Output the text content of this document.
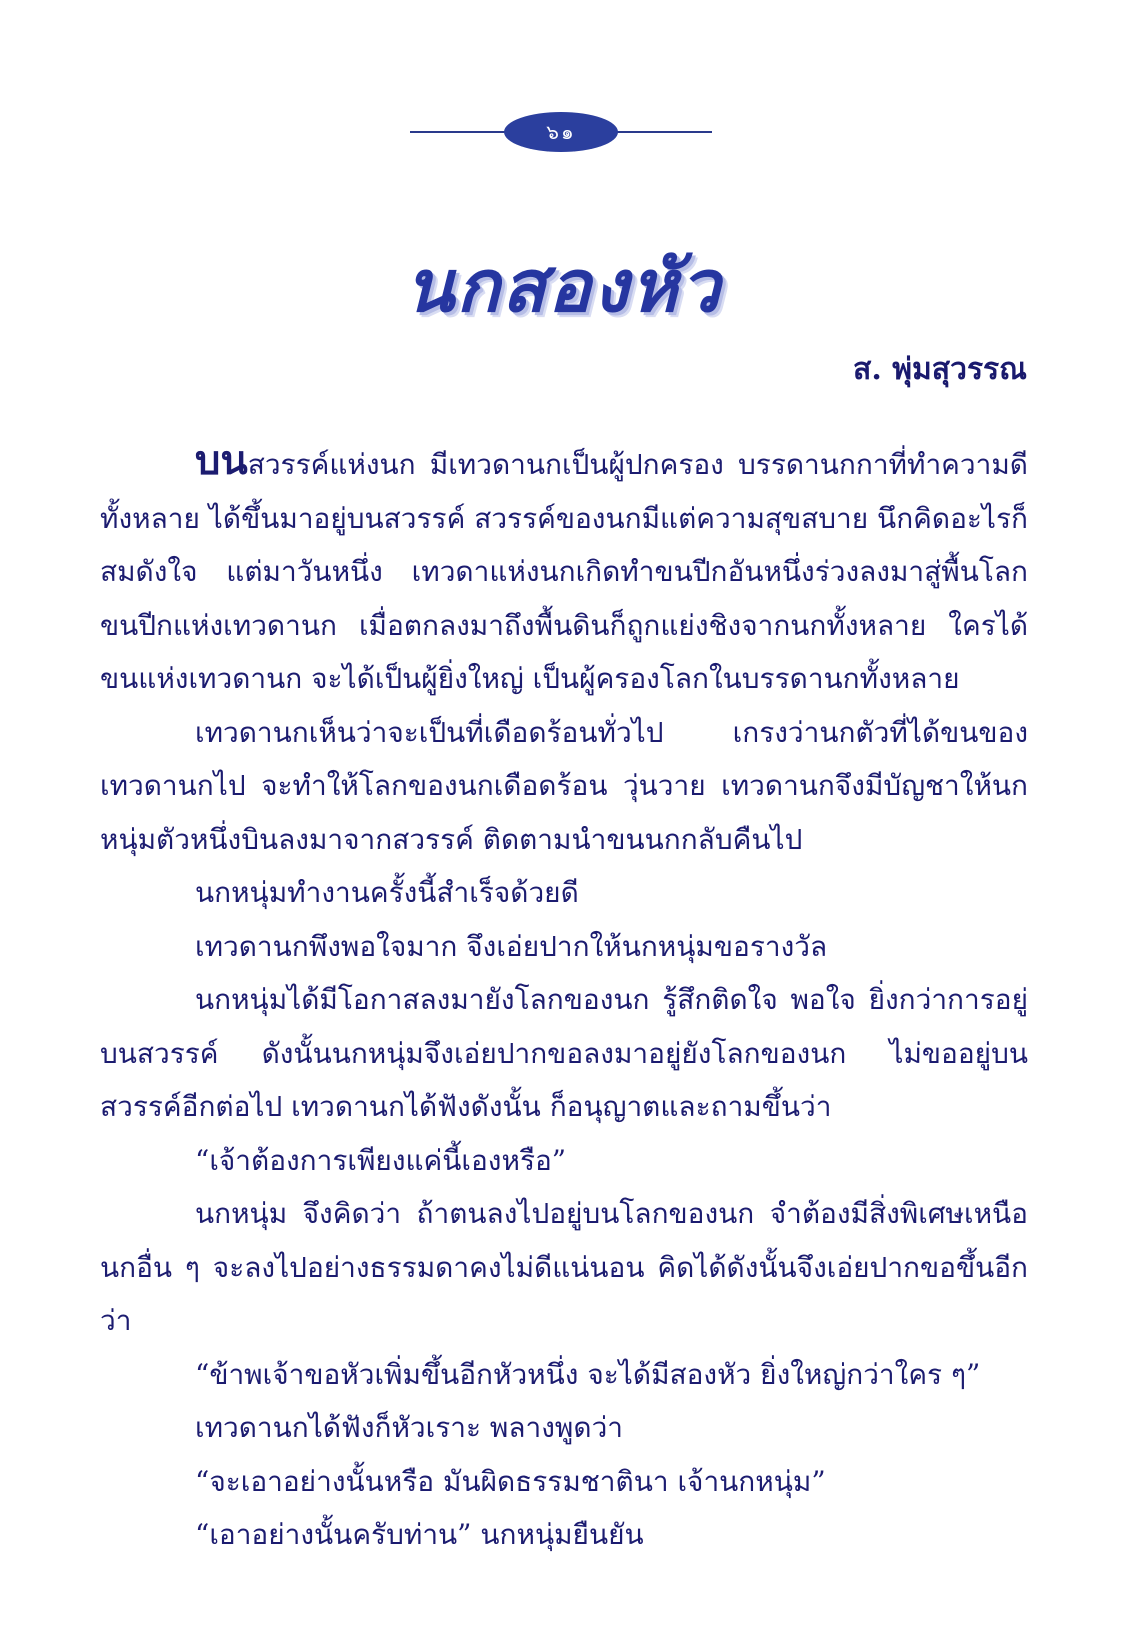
๖๑
นกสองหัว
ส. พุ่มสุวรรณ

บนสวรรค์แห่งนก มีเทวดานกเป็นผู้ปกครอง บรรดานกกาที่ทำความดีทั้งหลาย ได้ขึ้นมาอยู่บนสวรรค์ สวรรค์ของนกมีแต่ความสุขสบาย นึกคิดอะไรก็สมดังใจ แต่มาวันหนึ่ง เทวดาแห่งนกเกิดทำขนปีกอันหนึ่งร่วงลงมาสู่พื้นโลก ขนปีกแห่งเทวดานก เมื่อตกลงมาถึงพื้นดินก็ถูกแย่งชิงจากนกทั้งหลาย ใครได้ขนแห่งเทวดานก จะได้เป็นผู้ยิ่งใหญ่ เป็นผู้ครองโลกในบรรดานกทั้งหลาย

เทวดานกเห็นว่าจะเป็นที่เดือดร้อนทั่วไป เกรงว่านกตัวที่ได้ขนของเทวดานกไป จะทำให้โลกของนกเดือดร้อน วุ่นวาย เทวดานกจึงมีบัญชาให้นกหนุ่มตัวหนึ่งบินลงมาจากสวรรค์ ติดตามนำขนนกกลับคืนไป

นกหนุ่มทำงานครั้งนี้สำเร็จด้วยดี

เทวดานกพึงพอใจมาก จึงเอ่ยปากให้นกหนุ่มขอรางวัล

นกหนุ่มได้มีโอกาสลงมายังโลกของนก รู้สึกติดใจ พอใจ ยิ่งกว่าการอยู่บนสวรรค์ ดังนั้นนกหนุ่มจึงเอ่ยปากขอลงมาอยู่ยังโลกของนก ไม่ขออยู่บนสวรรค์อีกต่อไป เทวดานกได้ฟังดังนั้น ก็อนุญาตและถามขึ้นว่า

“เจ้าต้องการเพียงแค่นี้เองหรือ”

นกหนุ่ม จึงคิดว่า ถ้าตนลงไปอยู่บนโลกของนก จำต้องมีสิ่งพิเศษเหนือนกอื่น ๆ จะลงไปอย่างธรรมดาคงไม่ดีแน่นอน คิดได้ดังนั้นจึงเอ่ยปากขอขึ้นอีกว่า

“ข้าพเจ้าขอหัวเพิ่มขึ้นอีกหัวหนึ่ง จะได้มีสองหัว ยิ่งใหญ่กว่าใคร ๆ”

เทวดานกได้ฟังก็หัวเราะ พลางพูดว่า

“จะเอาอย่างนั้นหรือ มันผิดธรรมชาตินา เจ้านกหนุ่ม”

“เอาอย่างนั้นครับท่าน” นกหนุ่มยืนยัน
